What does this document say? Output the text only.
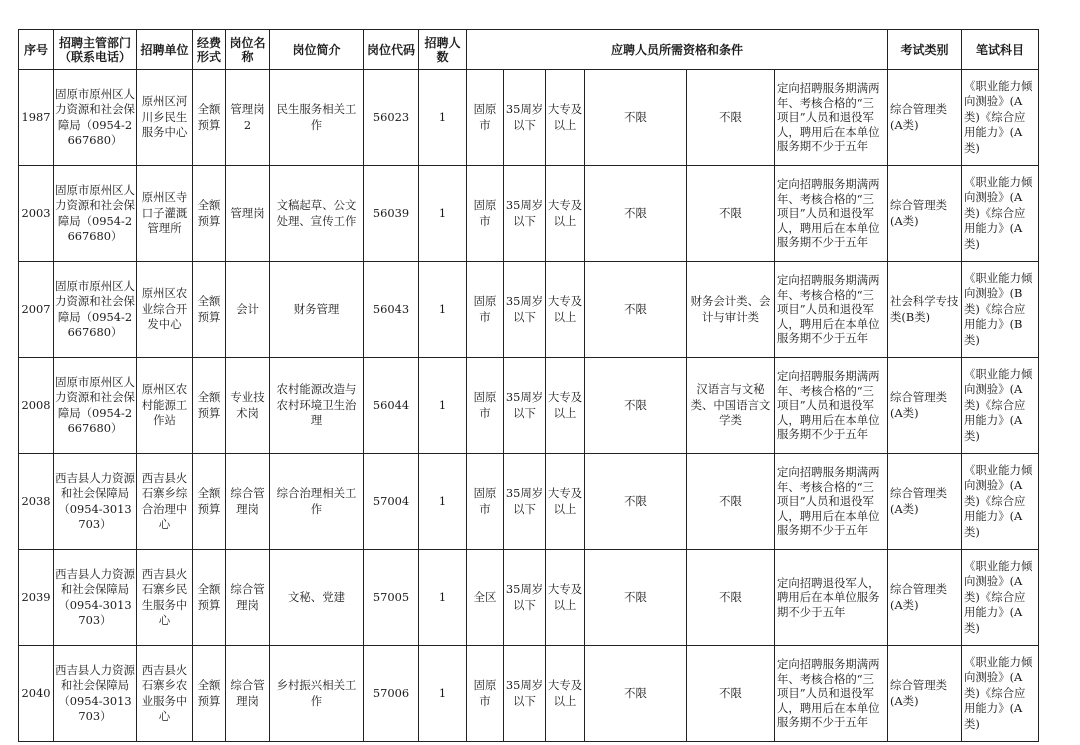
序号	招聘主管部门（联系电话）	招聘单位	经费形式	岗位名称	岗位简介	岗位代码	招聘人数	应聘人员所需资格和条件						考试类别	笔试科目
1987	固原市原州区人力资源和社会保障局（0954-2667680）	原州区河川乡民生服务中心	全额预算	管理岗2	民生服务相关工作	56023	1	固原市	35周岁以下	大专及以上	不限	不限	定向招聘服务期满两年、考核合格的“三项目”人员和退役军人，聘用后在本单位服务期不少于五年	综合管理类(A类)	《职业能力倾向测验》(A类)《综合应用能力》(A类)
2003	固原市原州区人力资源和社会保障局（0954-2667680）	原州区寺口子灌溉管理所	全额预算	管理岗	文稿起草、公文处理、宣传工作	56039	1	固原市	35周岁以下	大专及以上	不限	不限	定向招聘服务期满两年、考核合格的“三项目”人员和退役军人，聘用后在本单位服务期不少于五年	综合管理类(A类)	《职业能力倾向测验》(A类)《综合应用能力》(A类)
2007	固原市原州区人力资源和社会保障局（0954-2667680）	原州区农业综合开发中心	全额预算	会计	财务管理	56043	1	固原市	35周岁以下	大专及以上	不限	财务会计类、会计与审计类	定向招聘服务期满两年、考核合格的“三项目”人员和退役军人，聘用后在本单位服务期不少于五年	社会科学专技类(B类)	《职业能力倾向测验》(B类)《综合应用能力》(B类)
2008	固原市原州区人力资源和社会保障局（0954-2667680）	原州区农村能源工作站	全额预算	专业技术岗	农村能源改造与农村环境卫生治理	56044	1	固原市	35周岁以下	大专及以上	不限	汉语言与文秘类、中国语言文学类	定向招聘服务期满两年、考核合格的“三项目”人员和退役军人，聘用后在本单位服务期不少于五年	综合管理类(A类)	《职业能力倾向测验》(A类)《综合应用能力》(A类)
2038	西吉县人力资源和社会保障局（0954-3013703）	西吉县火石寨乡综合治理中心	全额预算	综合管理岗	综合治理相关工作	57004	1	固原市	35周岁以下	大专及以上	不限	不限	定向招聘服务期满两年、考核合格的“三项目”人员和退役军人，聘用后在本单位服务期不少于五年	综合管理类(A类)	《职业能力倾向测验》(A类)《综合应用能力》(A类)
2039	西吉县人力资源和社会保障局（0954-3013703）	西吉县火石寨乡民生服务中心	全额预算	综合管理岗	文秘、党建	57005	1	全区	35周岁以下	大专及以上	不限	不限	定向招聘退役军人，聘用后在本单位服务期不少于五年	综合管理类(A类)	《职业能力倾向测验》(A类)《综合应用能力》(A类)
2040	西吉县人力资源和社会保障局（0954-3013703）	西吉县火石寨乡农业服务中心	全额预算	综合管理岗	乡村振兴相关工作	57006	1	固原市	35周岁以下	大专及以上	不限	不限	定向招聘服务期满两年、考核合格的“三项目”人员和退役军人，聘用后在本单位服务期不少于五年	综合管理类(A类)	《职业能力倾向测验》(A类)《综合应用能力》(A类)
